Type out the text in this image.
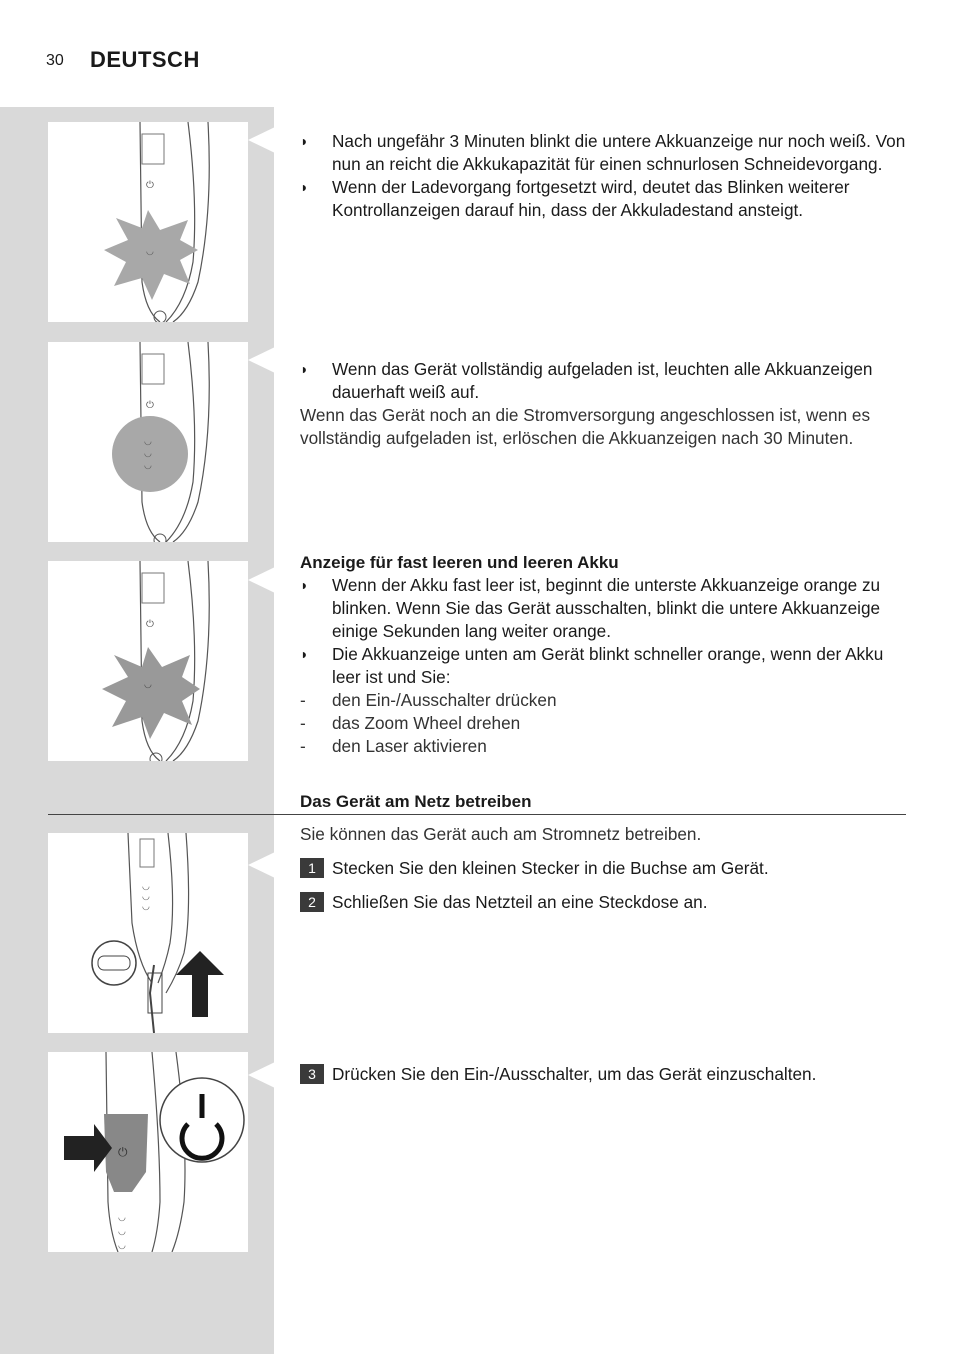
30 DEUTSCH
⏻
◡
⏻
◡
◡
◡
⏻
◡
◡
◡
◡
⏻
◡
◡
◡
◗ Nach ungefähr 3 Minuten blinkt die untere Akkuanzeige nur noch weiß. Von nun an reicht die Akkukapazität für einen schnurlosen Schneidevorgang.
◗ Wenn der Ladevorgang fortgesetzt wird, deutet das Blinken weiterer Kontrollanzeigen darauf hin, dass der Akkuladestand ansteigt.
◗ Wenn das Gerät vollständig aufgeladen ist, leuchten alle Akkuanzeigen dauerhaft weiß auf.
Wenn das Gerät noch an die Stromversorgung angeschlossen ist, wenn es vollständig aufgeladen ist, erlöschen die Akkuanzeigen nach 30 Minuten.
Anzeige für fast leeren und leeren Akku
◗ Wenn der Akku fast leer ist, beginnt die unterste Akkuanzeige orange zu blinken. Wenn Sie das Gerät ausschalten, blinkt die untere Akkuanzeige einige Sekunden lang weiter orange.
◗ Die Akkuanzeige unten am Gerät blinkt schneller orange, wenn der Akku leer ist und Sie:
- den Ein-/Ausschalter drücken
- das Zoom Wheel drehen
- den Laser aktivieren
Das Gerät am Netz betreiben
Sie können das Gerät auch am Stromnetz betreiben.
1 Stecken Sie den kleinen Stecker in die Buchse am Gerät.
2 Schließen Sie das Netzteil an eine Steckdose an.
3 Drücken Sie den Ein-/Ausschalter, um das Gerät einzuschalten.
